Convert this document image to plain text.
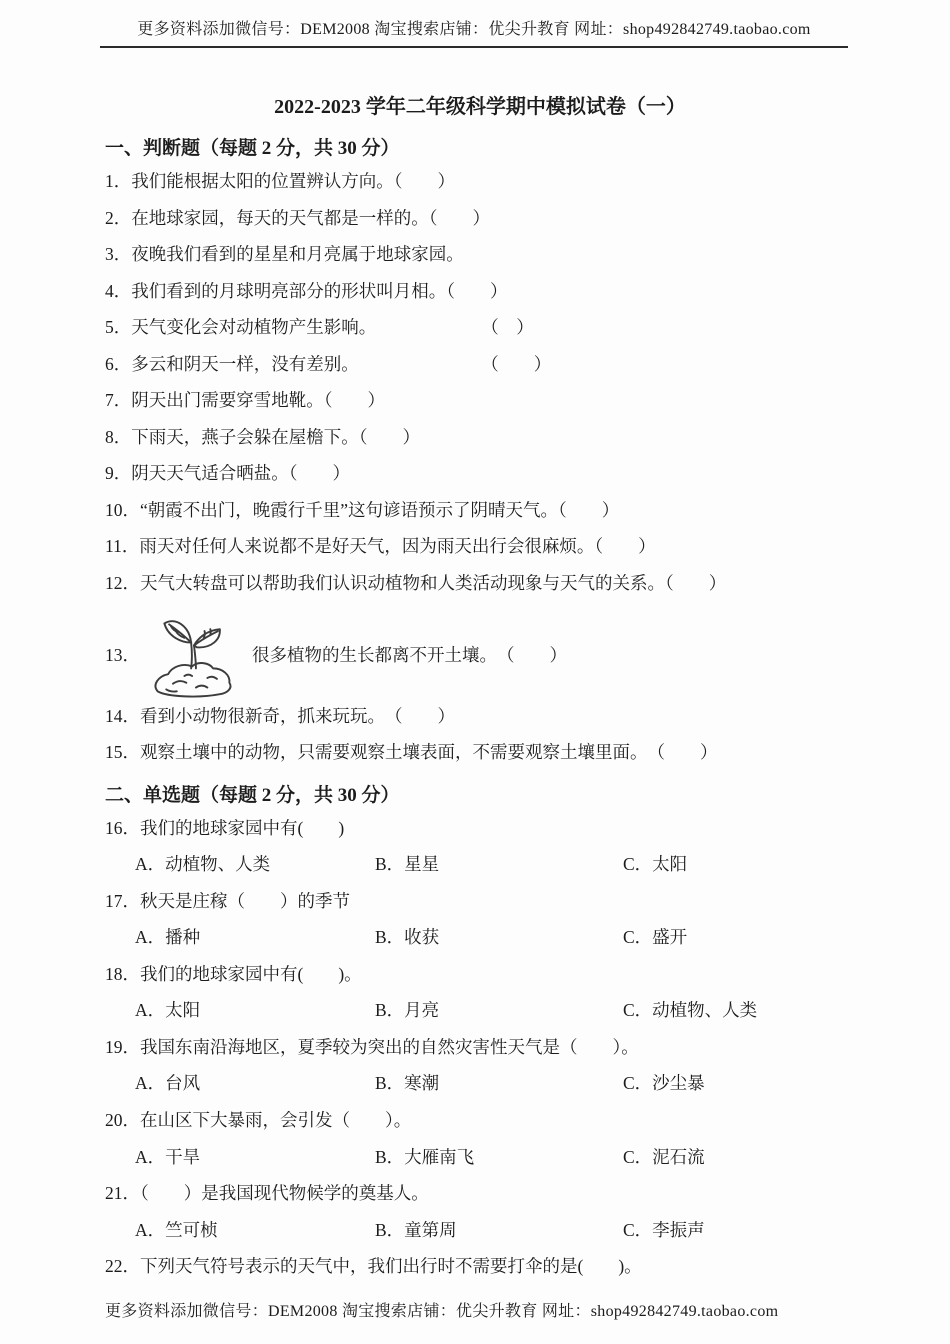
更多资料添加微信号：DEM2008 淘宝搜索店铺：优尖升教育 网址：shop492842749.taobao.com
2022-2023 学年二年级科学期中模拟试卷（一）
一、判断题（每题 2 分，共 30 分）

1．我们能根据太阳的位置辨认方向。（　　）

2．在地球家园，每天的天气都是一样的。（　　）

3．夜晚我们看到的星星和月亮属于地球家园。

4．我们看到的月球明亮部分的形状叫月相。（　　）

5．天气变化会对动植物产生影响。　　　　　　　（　）

6．多云和阴天一样，没有差别。　　　　　　　　（　　）

7．阴天出门需要穿雪地靴。（　　）

8．下雨天，燕子会躲在屋檐下。（　　）

9．阴天天气适合晒盐。（　　）

10．“朝霞不出门，晚霞行千里”这句谚语预示了阴晴天气。（　　）

11．雨天对任何人来说都不是好天气，因为雨天出行会很麻烦。（　　）

12．天气大转盘可以帮助我们认识动植物和人类活动现象与天气的关系。（　　）

13．	很多植物的生长都离不开土壤。　（　　）

14．看到小动物很新奇，抓来玩玩。　（　　）

15．观察土壤中的动物，只需要观察土壤表面，不需要观察土壤里面。　（　　）

二、单选题（每题 2 分，共 30 分）

16．我们的地球家园中有(　　)

A．动植物、人类	B．星星	C．太阳

17．秋天是庄稼（　　）的季节

A．播种	B．收获	C．盛开

18．我们的地球家园中有(　　)。

A．太阳	B．月亮	C．动植物、人类

19．我国东南沿海地区，夏季较为突出的自然灾害性天气是（　　）。

A．台风	B．寒潮	C．沙尘暴

20．在山区下大暴雨，会引发（　　）。

A．干旱	B．大雁南飞	C．泥石流

21．（　　）是我国现代物候学的奠基人。

A．竺可桢	B．童第周	C．李振声

22．下列天气符号表示的天气中，我们出行时不需要打伞的是(　　)。

更多资料添加微信号：DEM2008 淘宝搜索店铺：优尖升教育 网址：shop492842749.taobao.com
